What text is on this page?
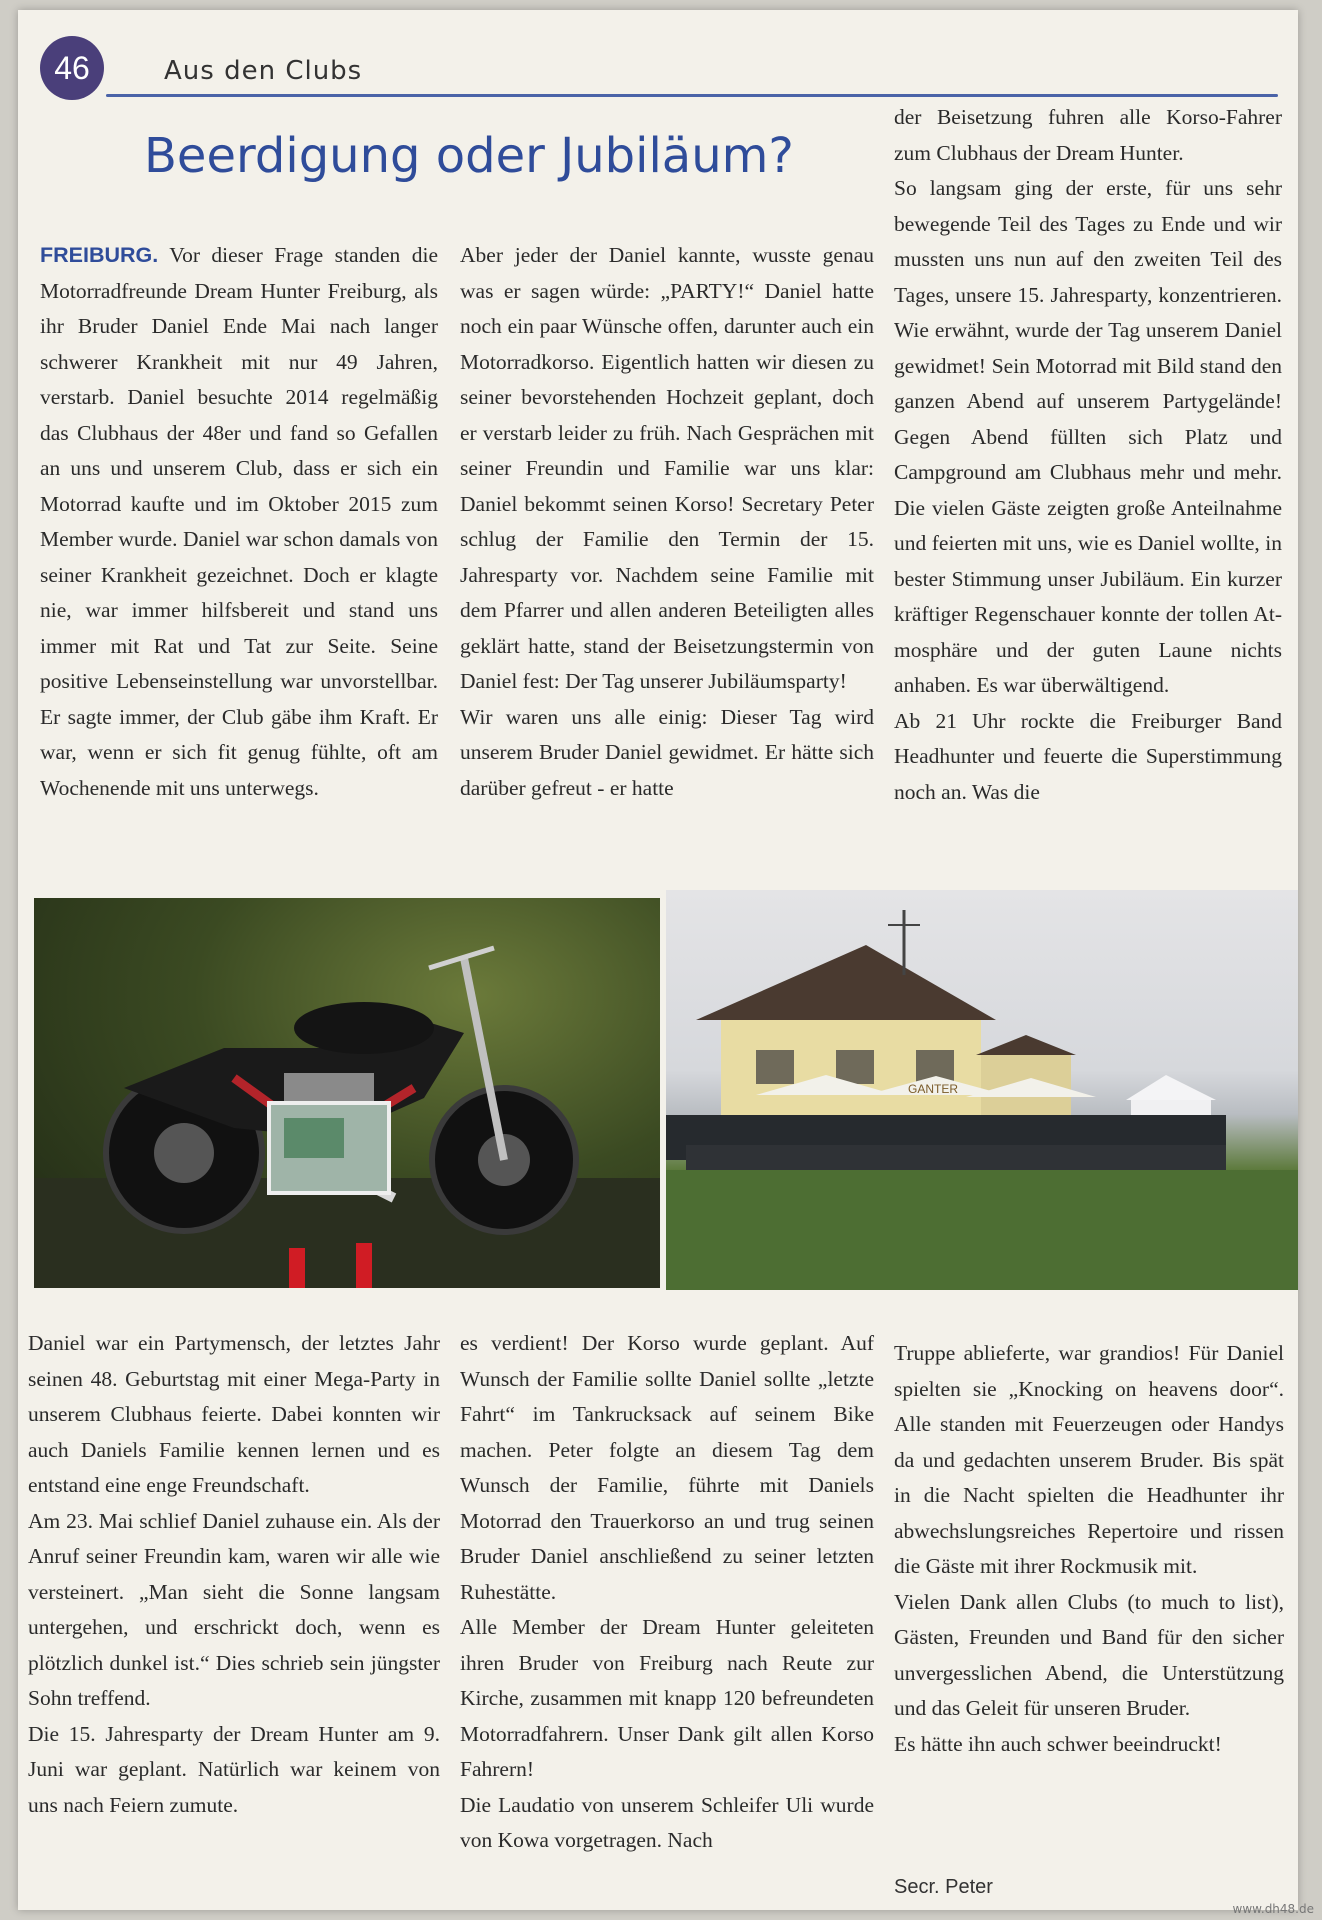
46	Aus den Clubs
Beerdigung oder Jubiläum?

FREIBURG. Vor dieser Frage standen die Motorradfreunde Dream Hunter Freiburg, als ihr Bruder Daniel Ende Mai nach langer schwerer Krankheit mit nur 49 Jahren, verstarb. Daniel besuchte 2014 regelmäßig das Clubhaus der 48er und fand so Gefallen an uns und unserem Club, dass er sich ein Motorrad kaufte und im Oktober 2015 zum Member wurde. Daniel war schon damals von seiner Krankheit gezeichnet. Doch er klagte nie, war immer hilfsbereit und stand uns immer mit Rat und Tat zur Seite. Seine positive Lebenseinstellung war unvorstellbar. Er sagte immer, der Club gäbe ihm Kraft. Er war, wenn er sich fit genug fühlte, oft am Wochenende mit uns unterwegs.

Aber jeder der Daniel kannte, wusste genau was er sagen würde: „PARTY!“ Daniel hatte noch ein paar Wünsche offen, darunter auch ein Motorradkorso. Eigentlich hatten wir diesen zu seiner bevorstehenden Hochzeit geplant, doch er verstarb leider zu früh. Nach Gesprächen mit seiner Freundin und Familie war uns klar: Daniel bekommt seinen Korso! Secretary Peter schlug der Familie den Termin der 15. Jahresparty vor. Nachdem seine Familie mit dem Pfarrer und allen anderen Beteiligten alles geklärt hatte, stand der Beisetzungstermin von Daniel fest: Der Tag unserer Jubiläumsparty!

Wir waren uns alle einig: Dieser Tag wird unserem Bruder Daniel gewidmet. Er hätte sich darüber gefreut - er hatte

der Beisetzung fuhren alle Korso-Fahrer zum Clubhaus der Dream Hunter.

So langsam ging der erste, für uns sehr bewegende Teil des Tages zu Ende und wir mussten uns nun auf den zweiten Teil des Tages, unsere 15. Jahresparty, konzentrieren. Wie erwähnt, wurde der Tag unserem Daniel gewidmet! Sein Motorrad mit Bild stand den ganzen Abend auf unserem Partygelände! Gegen Abend füllten sich Platz und Campground am Clubhaus mehr und mehr. Die vielen Gäste zeigten große Anteilnahme und feierten mit uns, wie es Daniel wollte, in bester Stimmung unser Jubiläum. Ein kurzer kräftiger Regenschauer konnte der tollen Atmosphäre und der guten Laune nichts anhaben. Es war überwältigend.

Ab 21 Uhr rockte die Freiburger Band Headhunter und feuerte die Superstimmung noch an. Was die

GANTER

Daniel war ein Partymensch, der letztes Jahr seinen 48. Geburtstag mit einer Mega-Party in unserem Clubhaus feierte. Dabei konnten wir auch Daniels Familie kennen lernen und es entstand eine enge Freundschaft.

Am 23. Mai schlief Daniel zuhause ein. Als der Anruf seiner Freundin kam, waren wir alle wie versteinert. „Man sieht die Sonne langsam untergehen, und erschrickt doch, wenn es plötzlich dunkel ist.“ Dies schrieb sein jüngster Sohn treffend.

Die 15. Jahresparty der Dream Hunter am 9. Juni war geplant. Natürlich war keinem von uns nach Feiern zumute.

es verdient! Der Korso wurde geplant. Auf Wunsch der Familie sollte Daniel sollte „letzte Fahrt“ im Tankrucksack auf seinem Bike machen. Peter folgte an diesem Tag dem Wunsch der Familie, führte mit Daniels Motorrad den Trauerkorso an und trug seinen Bruder Daniel anschließend zu seiner letzten Ruhestätte.

Alle Member der Dream Hunter geleiteten ihren Bruder von Freiburg nach Reute zur Kirche, zusammen mit knapp 120 befreundeten Motorradfahrern. Unser Dank gilt allen Korso Fahrern!

Die Laudatio von unserem Schleifer Uli wurde von Kowa vorgetragen. Nach

Truppe ablieferte, war grandios! Für Daniel spielten sie „Knocking on heavens door“. Alle standen mit Feuerzeugen oder Handys da und gedachten unserem Bruder. Bis spät in die Nacht spielten die Headhunter ihr abwechslungsreiches Repertoire und rissen die Gäste mit ihrer Rockmusik mit.

Vielen Dank allen Clubs (to much to list), Gästen, Freunden und Band für den sicher unvergesslichen Abend, die Unterstützung und das Geleit für unseren Bruder.

Es hätte ihn auch schwer beeindruckt!

Secr. Peter
www.dh48.de
